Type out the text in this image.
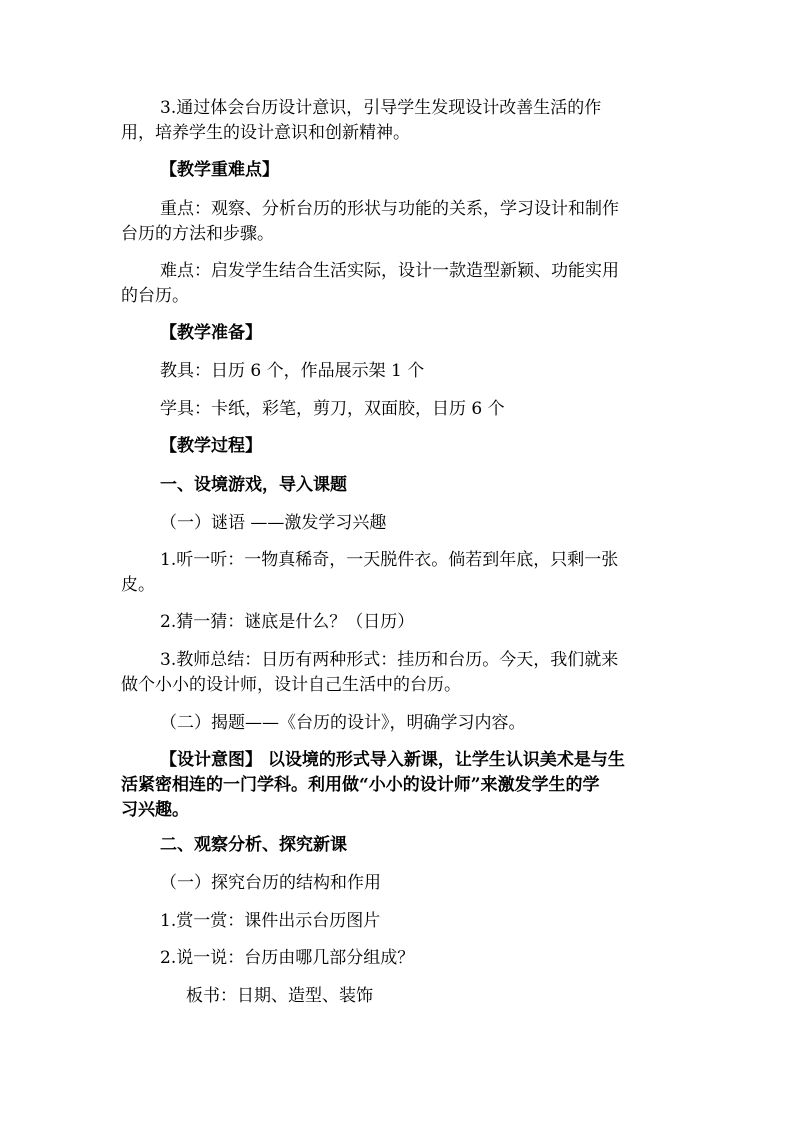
3.通过体会台历设计意识，引导学生发现设计改善生活的作
用，培养学生的设计意识和创新精神。
【教学重难点】
重点：观察、分析台历的形状与功能的关系，学习设计和制作
台历的方法和步骤。
难点：启发学生结合生活实际，设计一款造型新颖、功能实用
的台历。
【教学准备】
教具：日历 6 个，作品展示架 1 个
学具：卡纸，彩笔，剪刀，双面胶，日历 6 个
【教学过程】
一、设境游戏，导入课题
（一）谜语 ——激发学习兴趣
1.听一听：一物真稀奇，一天脱件衣。倘若到年底，只剩一张
皮。
2.猜一猜：谜底是什么？（日历）
3.教师总结：日历有两种形式：挂历和台历。今天，我们就来
做个小小的设计师，设计自己生活中的台历。
（二）揭题——《台历的设计》，明确学习内容。
【设计意图】 以设境的形式导入新课，让学生认识美术是与生
活紧密相连的一门学科。利用做“小小的设计师”来激发学生的学
习兴趣。
二、观察分析、探究新课
（一）探究台历的结构和作用
1.赏一赏：课件出示台历图片
2.说一说：台历由哪几部分组成？
板书：日期、造型、装饰
